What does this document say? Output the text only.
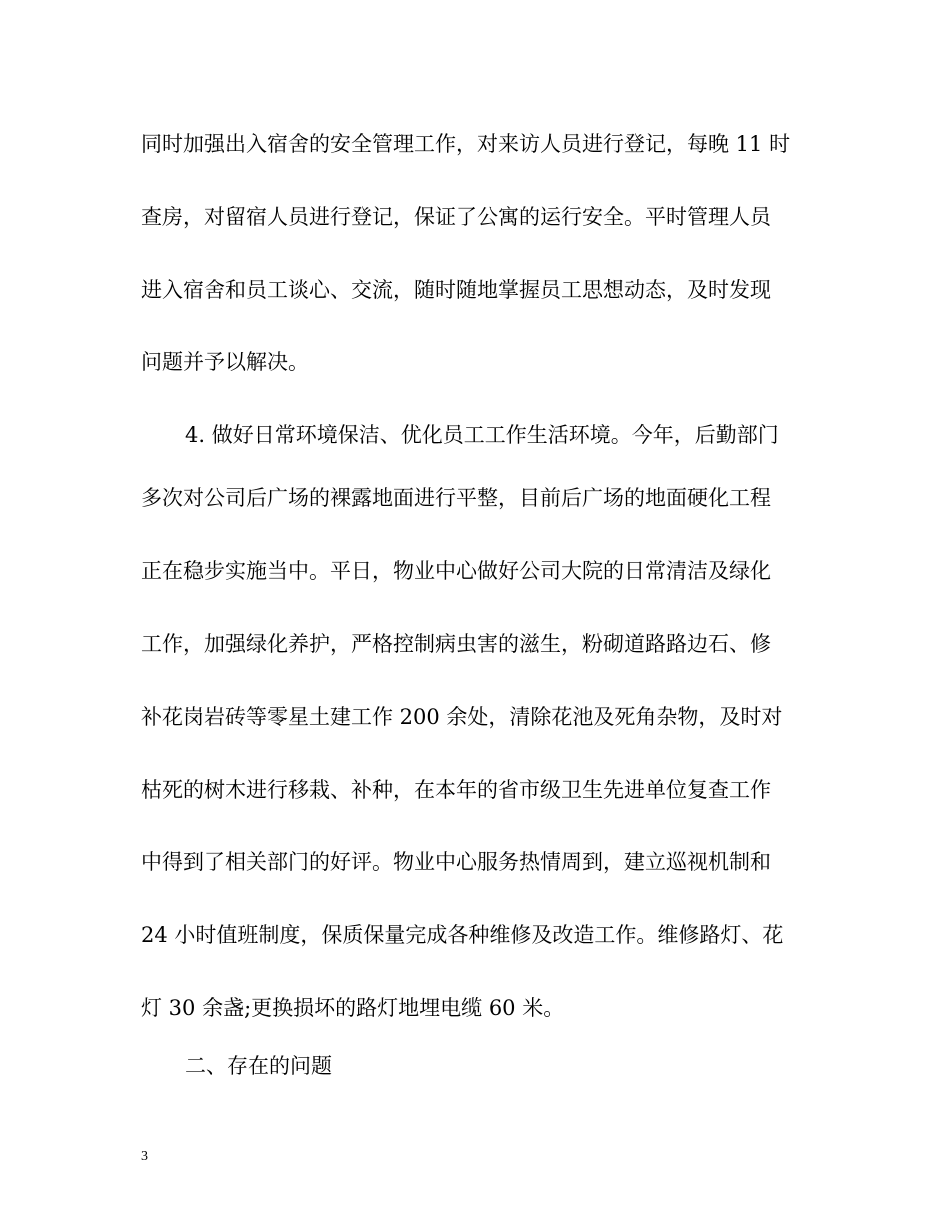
同时加强出入宿舍的安全管理工作，对来访人员进行登记，每晚 11 时
查房，对留宿人员进行登记，保证了公寓的运行安全。平时管理人员
进入宿舍和员工谈心、交流，随时随地掌握员工思想动态，及时发现
问题并予以解决。
4. 做好日常环境保洁、优化员工工作生活环境。今年，后勤部门
多次对公司后广场的裸露地面进行平整，目前后广场的地面硬化工程
正在稳步实施当中。平日，物业中心做好公司大院的日常清洁及绿化
工作，加强绿化养护，严格控制病虫害的滋生，粉砌道路路边石、修
补花岗岩砖等零星土建工作 200 余处，清除花池及死角杂物，及时对
枯死的树木进行移栽、补种，在本年的省市级卫生先进单位复查工作
中得到了相关部门的好评。物业中心服务热情周到，建立巡视机制和
24 小时值班制度，保质保量完成各种维修及改造工作。维修路灯、花
灯 30 余盏;更换损坏的路灯地埋电缆 60 米。
二、存在的问题
3
